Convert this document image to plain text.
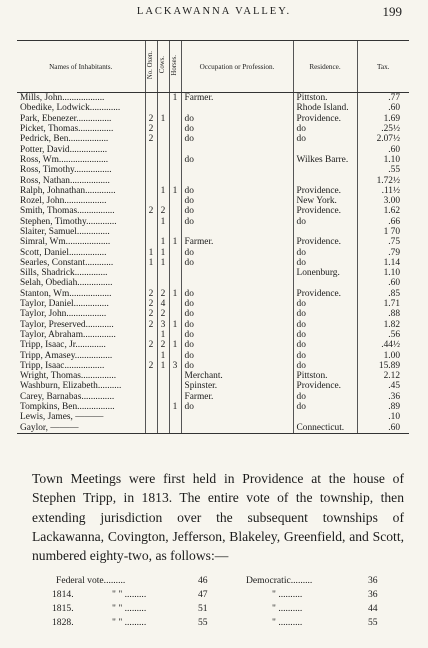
LACKAWANNA VALLEY.	199
Names of Inhabitants.	No. Oxen.	Cows.	Horses.	Occupation or Profession.	Residence.	Tax.
Mills, John..................			1	Farmer.	Pittston.	.77
Obedike, Lodwick.............					Rhode Island.	.60
Park, Ebenezer...............	2	1		do	Providence.	1.69
Picket, Thomas...............	2			do	do	.25½
Pedrick, Ben.................	2			do	do	2.07½
Potter, David................						.60
Ross, Wm.....................				do	Wilkes Barre.	1.10
Ross, Timothy................						.55
Ross, Nathan.................						1.72½
Ralph, Johnathan.............		1	1	do	Providence.	.11½
Rozel, John..................				do	New York.	3.00
Smith, Thomas................	2	2		do	Providence.	1.62
Stephen, Timothy.............		1		do	do	.66
Slaiter, Samuel..............						1 70
Simral, Wm...................		1	1	Farmer.	Providence.	.75
Scott, Daniel................	1	1		do	do	.79
Searles, Constant............	1	1		do	do	1.14
Sills, Shadrick..............					Lonenburg.	1.10
Selah, Obediah...............						.60
Stanton, Wm..................	2	2	1	do	Providence.	.85
Taylor, Daniel...............	2	4		do	do	1.71
Taylor, John.................	2	2		do	do	.88
Taylor, Preserved............	2	3	1	do	do	1.82
Taylor, Abraham..............		1		do	do	.56
Tripp, Isaac, Jr.............	2	2	1	do	do	.44½
Tripp, Amasey................		1		do	do	1.00
Tripp, Isaac.................	2	1	3	do	do	15.89
Wright, Thomas...............				Merchant.	Pittston.	2.12
Washburn, Elizabeth..........				Spinster.	Providence.	.45
Carey, Barnabas..............				Farmer.	do	.36
Tompkins, Ben................			1	do	do	.89
Lewis, James, ———						.10
Gaylor, ———					Connecticut.	.60

Town Meetings were first held in Providence at the house of Stephen Tripp, in 1813. The entire vote of the township, then extending jurisdiction over the subsequent townships of Lackawanna, Covington, Jefferson, Blakeley, Greenfield, and Scott, numbered eighty-two, as follows:—

Federal vote.........	46	Democratic.........	36
1814.	" " .........	47	" ..........	36
1815.	" " .........	51	" ..........	44
1828.	" " .........	55	" ..........	55
